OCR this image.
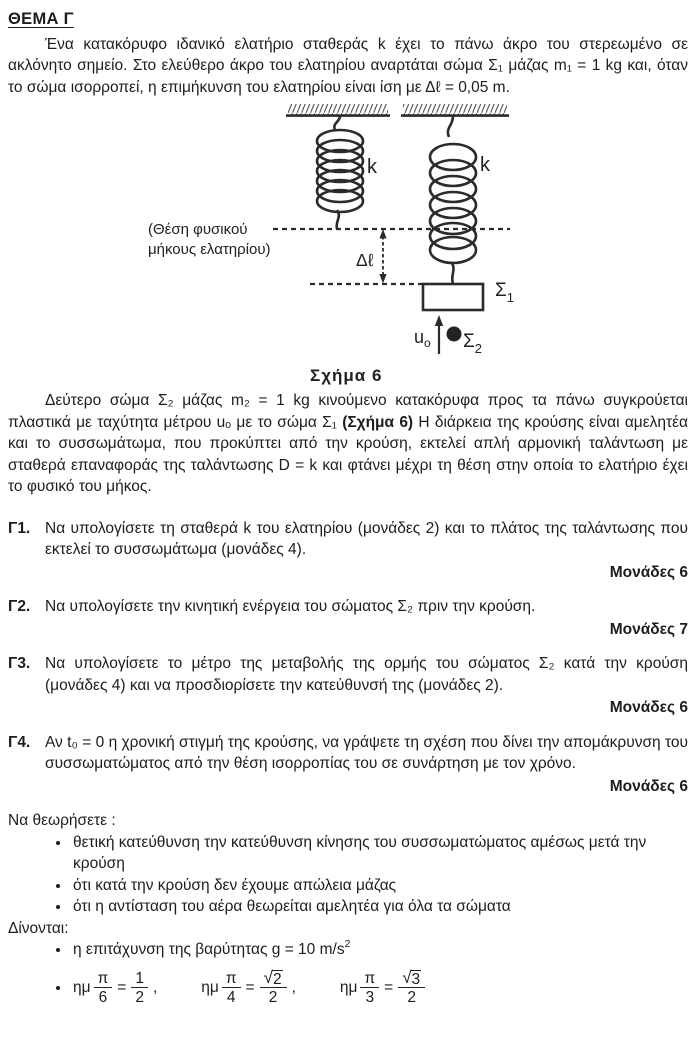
ΘΕΜΑ Γ

Ένα κατακόρυφο ιδανικό ελατήριο σταθεράς k έχει το πάνω άκρο του στερεωμένο σε ακλόνητο σημείο. Στο ελεύθερο άκρο του ελατηρίου αναρτάται σώμα Σ₁ μάζας m₁ = 1 kg και, όταν το σώμα ισορροπεί, η επιμήκυνση του ελατηρίου είναι ίση με Δℓ = 0,05 m.

k	k
(Θέση φυσικού
μήκους ελατηρίου)
Δℓ
$\Sigma_1$
$u_o$ $\Sigma_2$
Σχήμα 6

Δεύτερο σώμα Σ₂ μάζας m₂ = 1 kg κινούμενο κατακόρυφα προς τα πάνω συγκρούεται πλαστικά με ταχύτητα μέτρου uₒ με το σώμα Σ₁ (Σχήμα 6) Η διάρκεια της κρούσης είναι αμελητέα και το συσσωμάτωμα, που προκύπτει από την κρούση, εκτελεί απλή αρμονική ταλάντωση με σταθερά επαναφοράς της ταλάντωσης D = k και φτάνει μέχρι τη θέση στην οποία το ελατήριο έχει το φυσικό του μήκος.

Γ1. Να υπολογίσετε τη σταθερά k του ελατηρίου (μονάδες 2) και το πλάτος της ταλάντωσης που εκτελεί το συσσωμάτωμα (μονάδες 4).
Μονάδες 6
Γ2. Να υπολογίσετε την κινητική ενέργεια του σώματος Σ₂ πριν την κρούση.
Μονάδες 7
Γ3. Να υπολογίσετε το μέτρο της μεταβολής της ορμής του σώματος Σ₂ κατά την κρούση (μονάδες 4) και να προσδιορίσετε την κατεύθυνσή της (μονάδες 2).
Μονάδες 6
Γ4. Αν t₀ = 0 η χρονική στιγμή της κρούσης, να γράψετε τη σχέση που δίνει την απομάκρυνση του συσσωματώματος από την θέση ισορροπίας του σε συνάρτηση με τον χρόνο.
Μονάδες 6

Να θεωρήσετε :

• θετική κατεύθυνση την κατεύθυνση κίνησης του συσσωματώματος αμέσως μετά την κρούση
• ότι κατά την κρούση δεν έχουμε απώλεια μάζας
• ότι η αντίσταση του αέρα θεωρείται αμελητέα για όλα τα σώματα

Δίνονται:

• η επιτάχυνση της βαρύτητας g = 10 $m/s^2$
• ημ $\frac{\pi}{6} = \frac{1}{2}$ ,	ημ $\frac{\pi}{4} = \frac{√ 2}{2}$ ,	ημ $\frac{\pi}{3} = \frac{√ 3}{2}$
